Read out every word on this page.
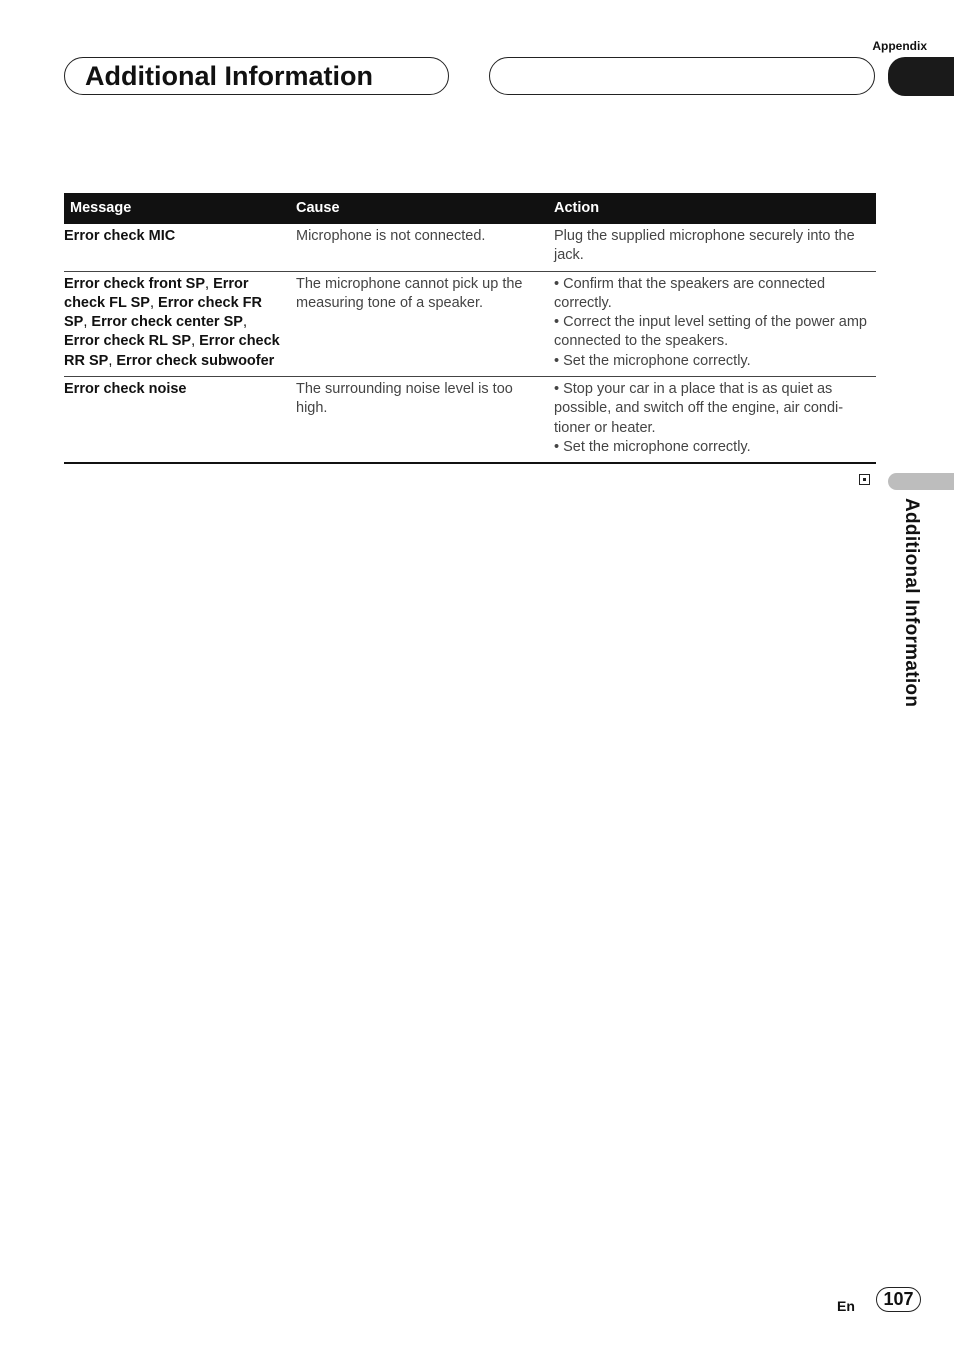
Appendix
Additional Information
Message	Cause	Action
Error check MIC	Microphone is not connected.	Plug the supplied microphone securely into the jack.

Error check front SP, Error check FL SP, Error check FR SP, Error check center SP, Error check RL SP, Error check RR SP, Error check subwoofer	The microphone cannot pick up the measuring tone of a speaker.	• Confirm that the speakers are connected correctly.
• Correct the input level setting of the power amp connected to the speakers.
• Set the microphone correctly.

Error check noise	The surrounding noise level is too high.	• Stop your car in a place that is as quiet as possible, and switch off the engine, air condi-tioner or heater.
• Set the microphone correctly.
Additional Information
En	107
